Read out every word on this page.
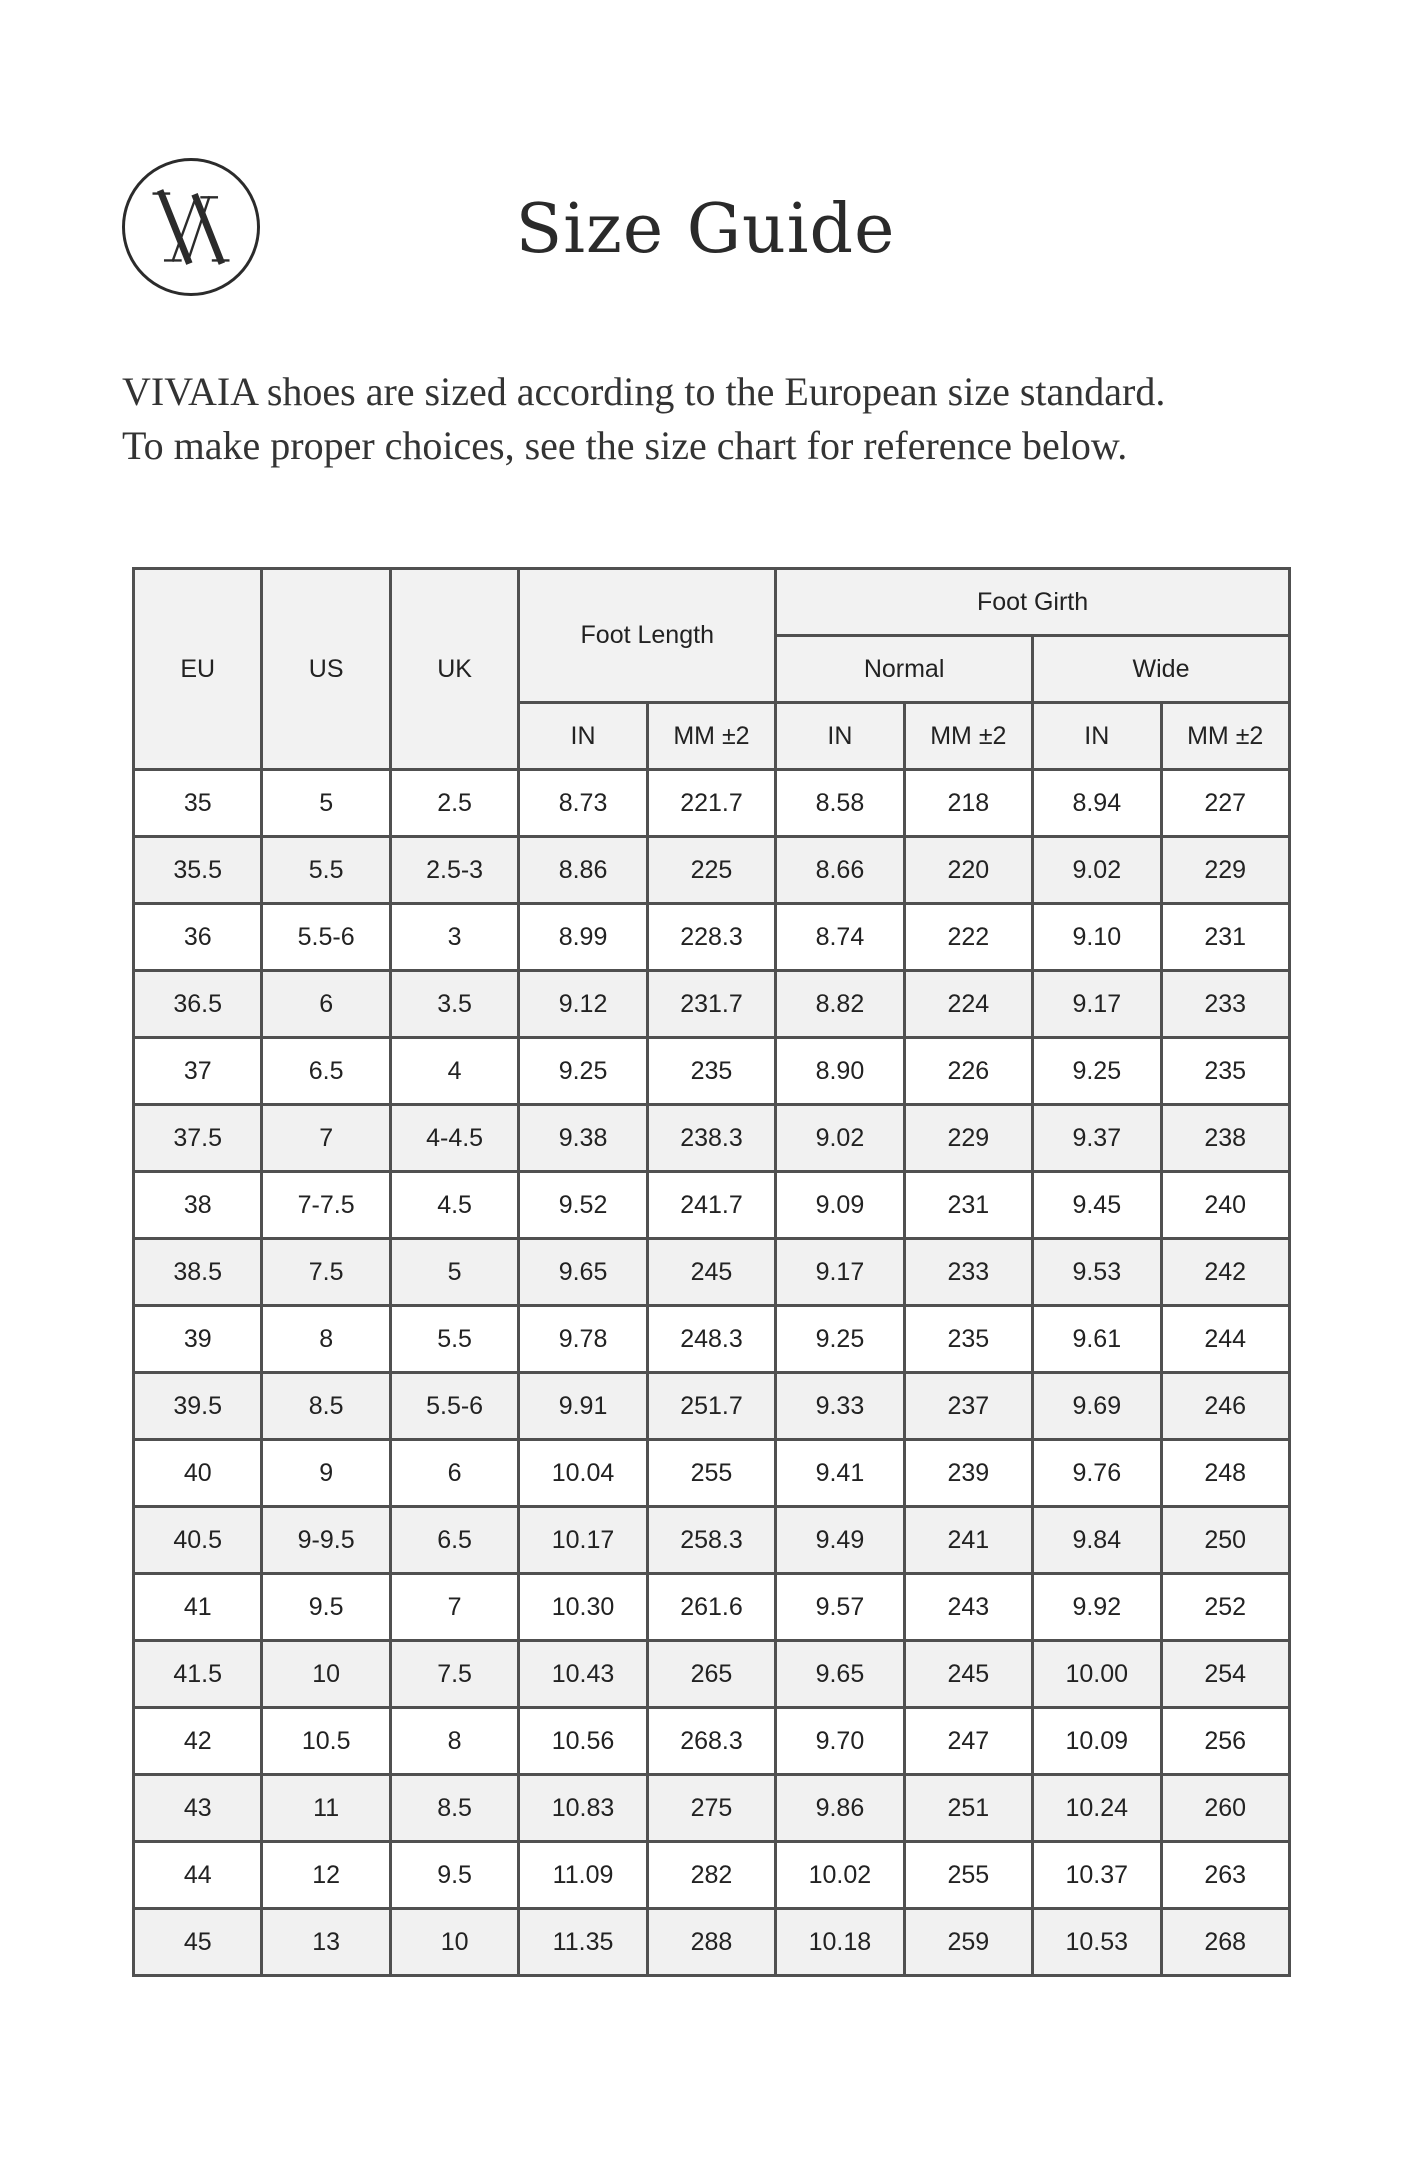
Size Guide

VIVAIA shoes are sized according to the European size standard.

To make proper choices, see the size chart for reference below.

EU	US	UK	Foot Length		Foot Girth			
					Normal		Wide	
			IN	MM ±2	IN	MM ±2	IN	MM ±2
35	5	2.5	8.73	221.7	8.58	218	8.94	227
35.5	5.5	2.5-3	8.86	225	8.66	220	9.02	229
36	5.5-6	3	8.99	228.3	8.74	222	9.10	231
36.5	6	3.5	9.12	231.7	8.82	224	9.17	233
37	6.5	4	9.25	235	8.90	226	9.25	235
37.5	7	4-4.5	9.38	238.3	9.02	229	9.37	238
38	7-7.5	4.5	9.52	241.7	9.09	231	9.45	240
38.5	7.5	5	9.65	245	9.17	233	9.53	242
39	8	5.5	9.78	248.3	9.25	235	9.61	244
39.5	8.5	5.5-6	9.91	251.7	9.33	237	9.69	246
40	9	6	10.04	255	9.41	239	9.76	248
40.5	9-9.5	6.5	10.17	258.3	9.49	241	9.84	250
41	9.5	7	10.30	261.6	9.57	243	9.92	252
41.5	10	7.5	10.43	265	9.65	245	10.00	254
42	10.5	8	10.56	268.3	9.70	247	10.09	256
43	11	8.5	10.83	275	9.86	251	10.24	260
44	12	9.5	11.09	282	10.02	255	10.37	263
45	13	10	11.35	288	10.18	259	10.53	268
